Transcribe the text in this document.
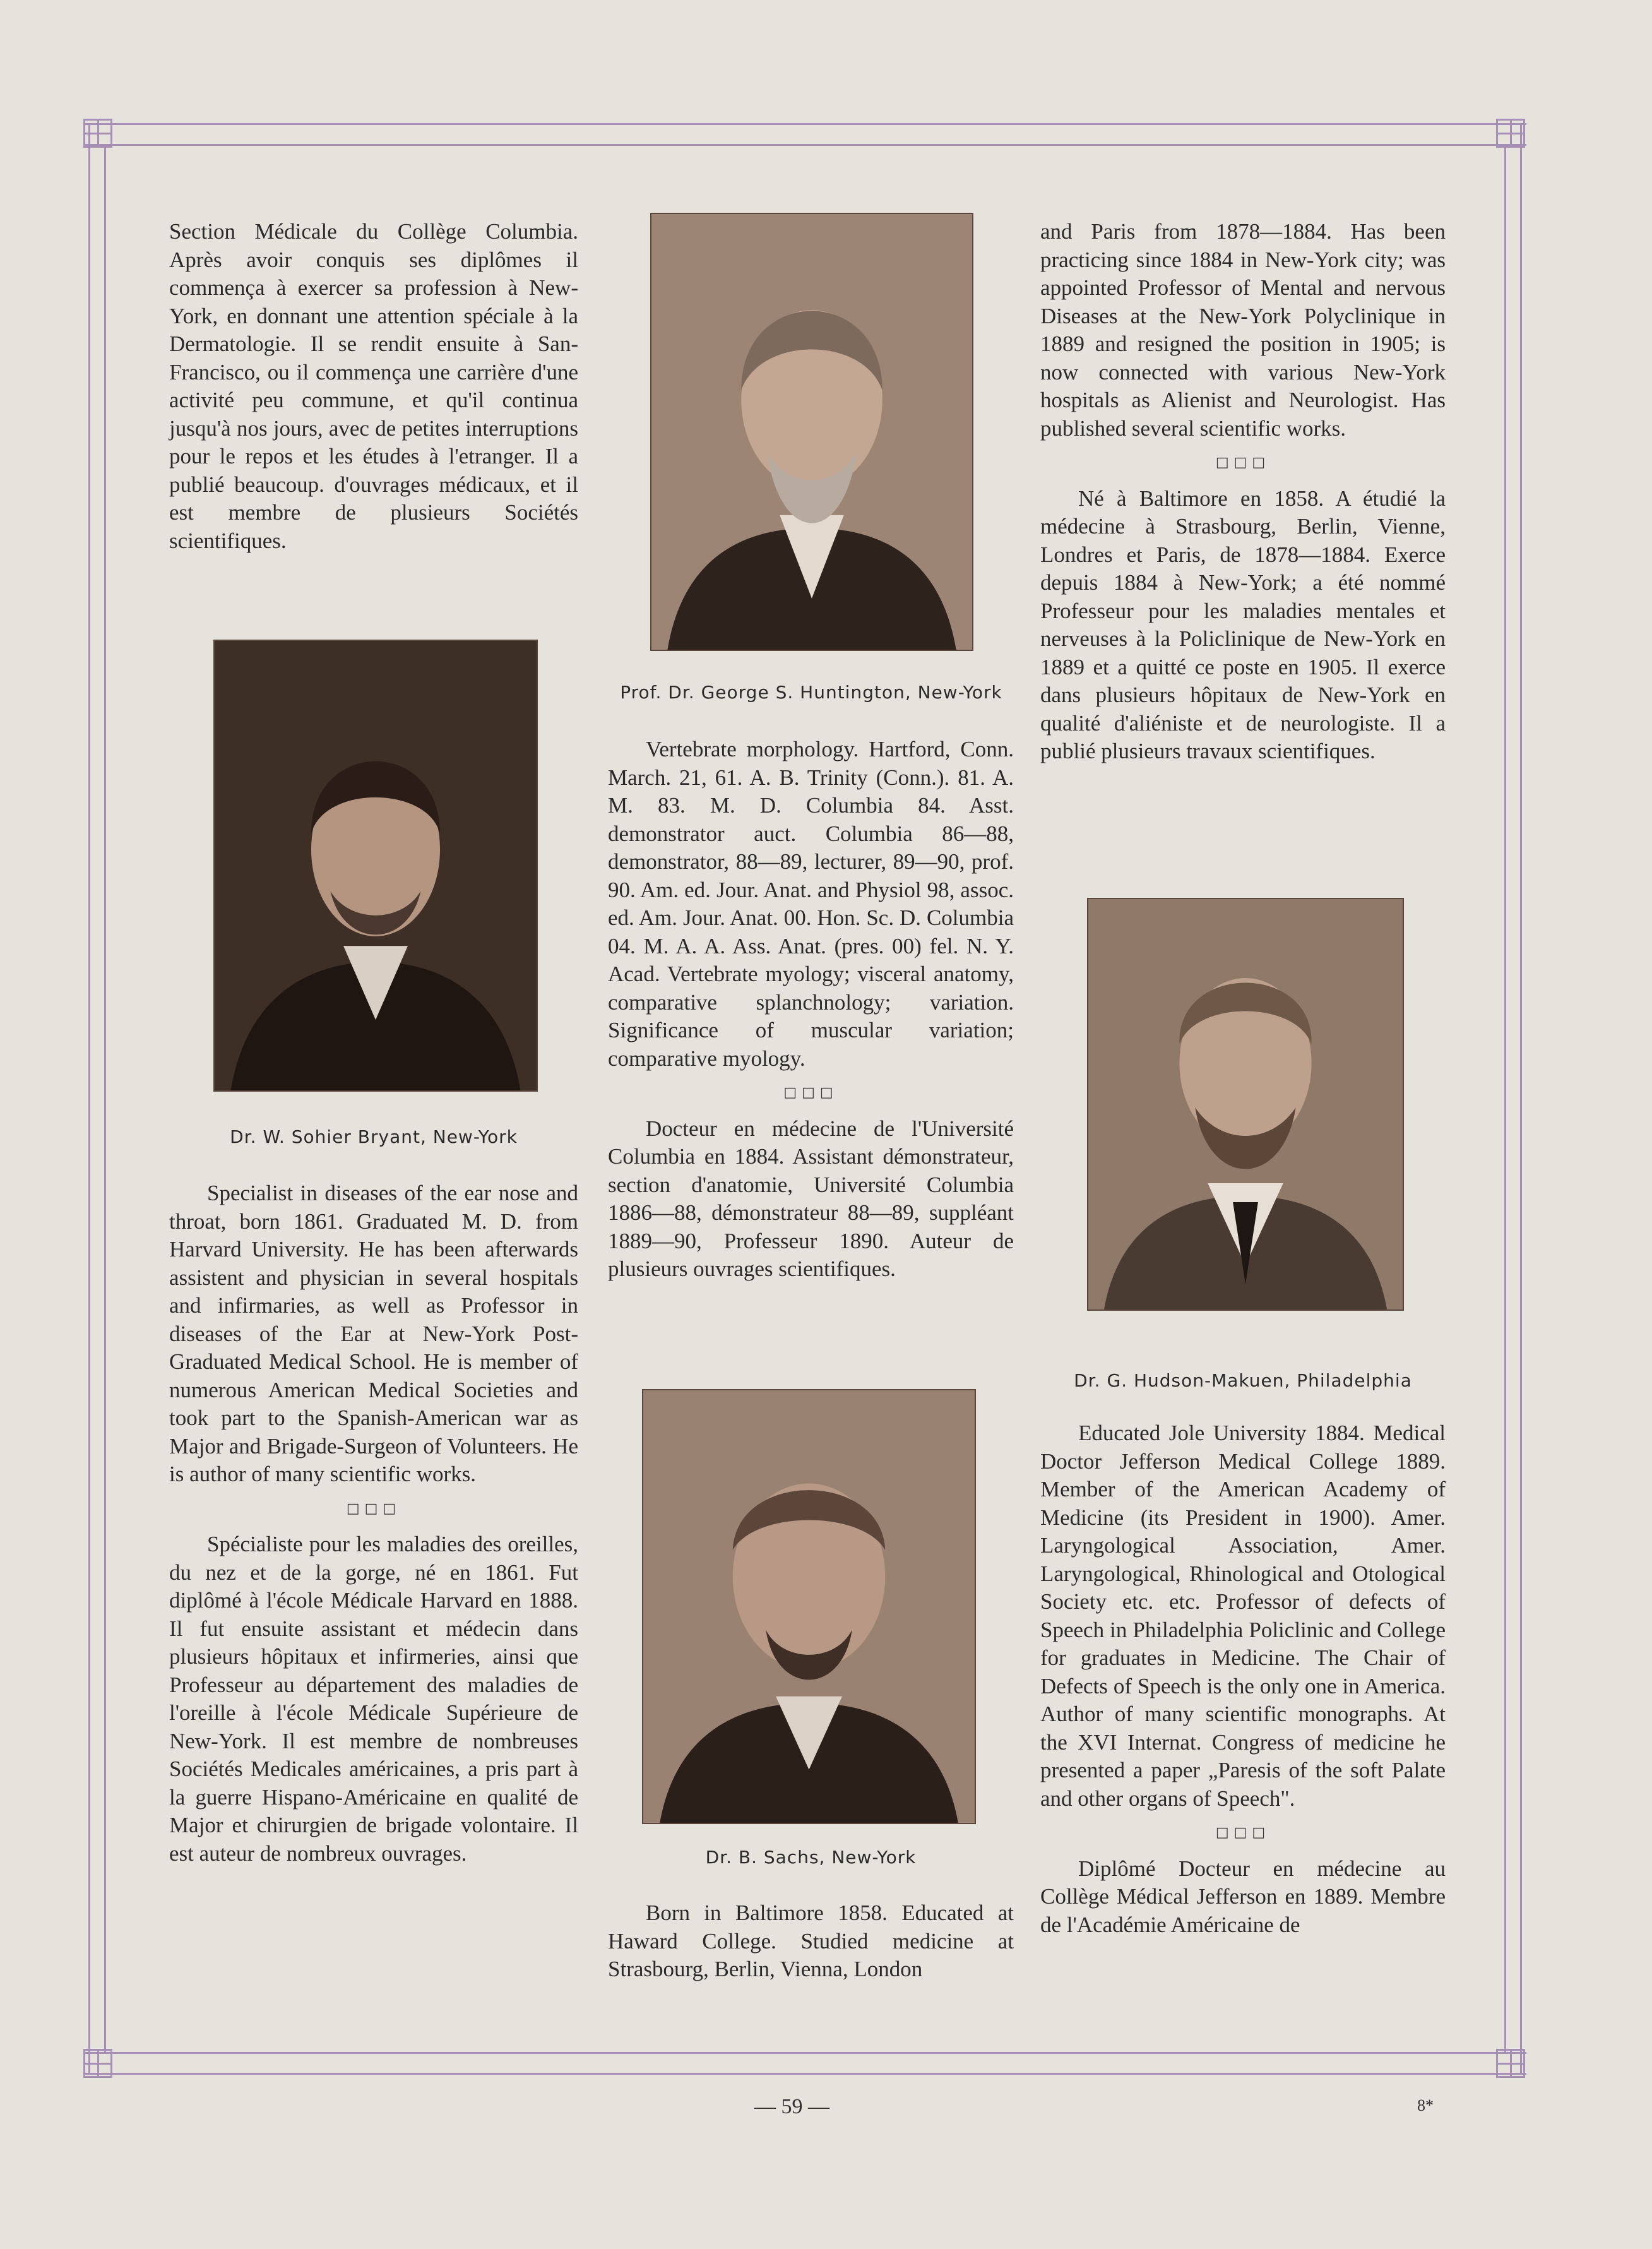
Section Médicale du Collège Columbia. Après avoir conquis ses diplômes il commença à exercer sa profession à New-York, en donnant une attention spéciale à la Dermatologie. Il se rendit ensuite à San-Francisco, ou il commença une carrière d'une activité peu commune, et qu'il continua jusqu'à nos jours, avec de petites interruptions pour le repos et les études à l'etranger. Il a publié beaucoup. d'ouvrages médicaux, et il est membre de plusieurs Sociétés scientifiques.

Dr. W. Sohier Bryant, New-York

Specialist in diseases of the ear nose and throat, born 1861. Graduated M. D. from Harvard University. He has been afterwards assistent and physician in several hospitals and infirmaries, as well as Professor in diseases of the Ear at New-York Post-Graduated Medical School. He is member of numerous American Medical Societies and took part to the Spanish-American war as Major and Brigade-Surgeon of Volunteers. He is author of many scientific works.

□□□

Spécialiste pour les maladies des oreilles, du nez et de la gorge, né en 1861. Fut diplômé à l'école Médicale Harvard en 1888. Il fut ensuite assistant et médecin dans plusieurs hôpitaux et infirmeries, ainsi que Professeur au département des maladies de l'oreille à l'école Médicale Supérieure de New-York. Il est membre de nombreuses Sociétés Medicales américaines, a pris part à la guerre Hispano-Américaine en qualité de Major et chirurgien de brigade volontaire. Il est auteur de nombreux ouvrages.

Prof. Dr. George S. Huntington, New-York

Vertebrate morphology. Hartford, Conn. March. 21, 61. A. B. Trinity (Conn.). 81. A. M. 83. M. D. Columbia 84. Asst. demonstrator auct. Columbia 86—88, demonstrator, 88—89, lecturer, 89—90, prof. 90. Am. ed. Jour. Anat. and Physiol 98, assoc. ed. Am. Jour. Anat. 00. Hon. Sc. D. Columbia 04. M. A. A. Ass. Anat. (pres. 00) fel. N. Y. Acad. Vertebrate myology; visceral anatomy, comparative splanchnology; variation. Significance of muscular variation; comparative myology.

□□□

Docteur en médecine de l'Université Columbia en 1884. Assistant démonstrateur, section d'anatomie, Université Columbia 1886—88, démonstrateur 88—89, suppléant 1889—90, Professeur 1890. Auteur de plusieurs ouvrages scientifiques.

Dr. B. Sachs, New-York

Born in Baltimore 1858. Educated at Haward College. Studied medicine at Strasbourg, Berlin, Vienna, London

and Paris from 1878—1884. Has been practicing since 1884 in New-York city; was appointed Professor of Mental and nervous Diseases at the New-York Polyclinique in 1889 and resigned the position in 1905; is now connected with various New-York hospitals as Alienist and Neurologist. Has published several scientific works.

□□□

Né à Baltimore en 1858. A étudié la médecine à Strasbourg, Berlin, Vienne, Londres et Paris, de 1878—1884. Exerce depuis 1884 à New-York; a été nommé Professeur pour les maladies mentales et nerveuses à la Policlinique de New-York en 1889 et a quitté ce poste en 1905. Il exerce dans plusieurs hôpitaux de New-York en qualité d'aliéniste et de neurologiste. Il a publié plusieurs travaux scientifiques.

Dr. G. Hudson-Makuen, Philadelphia

Educated Jole University 1884. Medical Doctor Jefferson Medical College 1889. Member of the American Academy of Medicine (its President in 1900). Amer. Laryngological Association, Amer. Laryngological, Rhinological and Otological Society etc. etc. Professor of defects of Speech in Philadelphia Policlinic and College for graduates in Medicine. The Chair of Defects of Speech is the only one in America. Author of many scientific monographs. At the XVI Internat. Congress of medicine he presented a paper „Paresis of the soft Palate and other organs of Speech".

□□□

Diplômé Docteur en médecine au Collège Médical Jefferson en 1889. Membre de l'Académie Américaine de

— 59 —	8*
